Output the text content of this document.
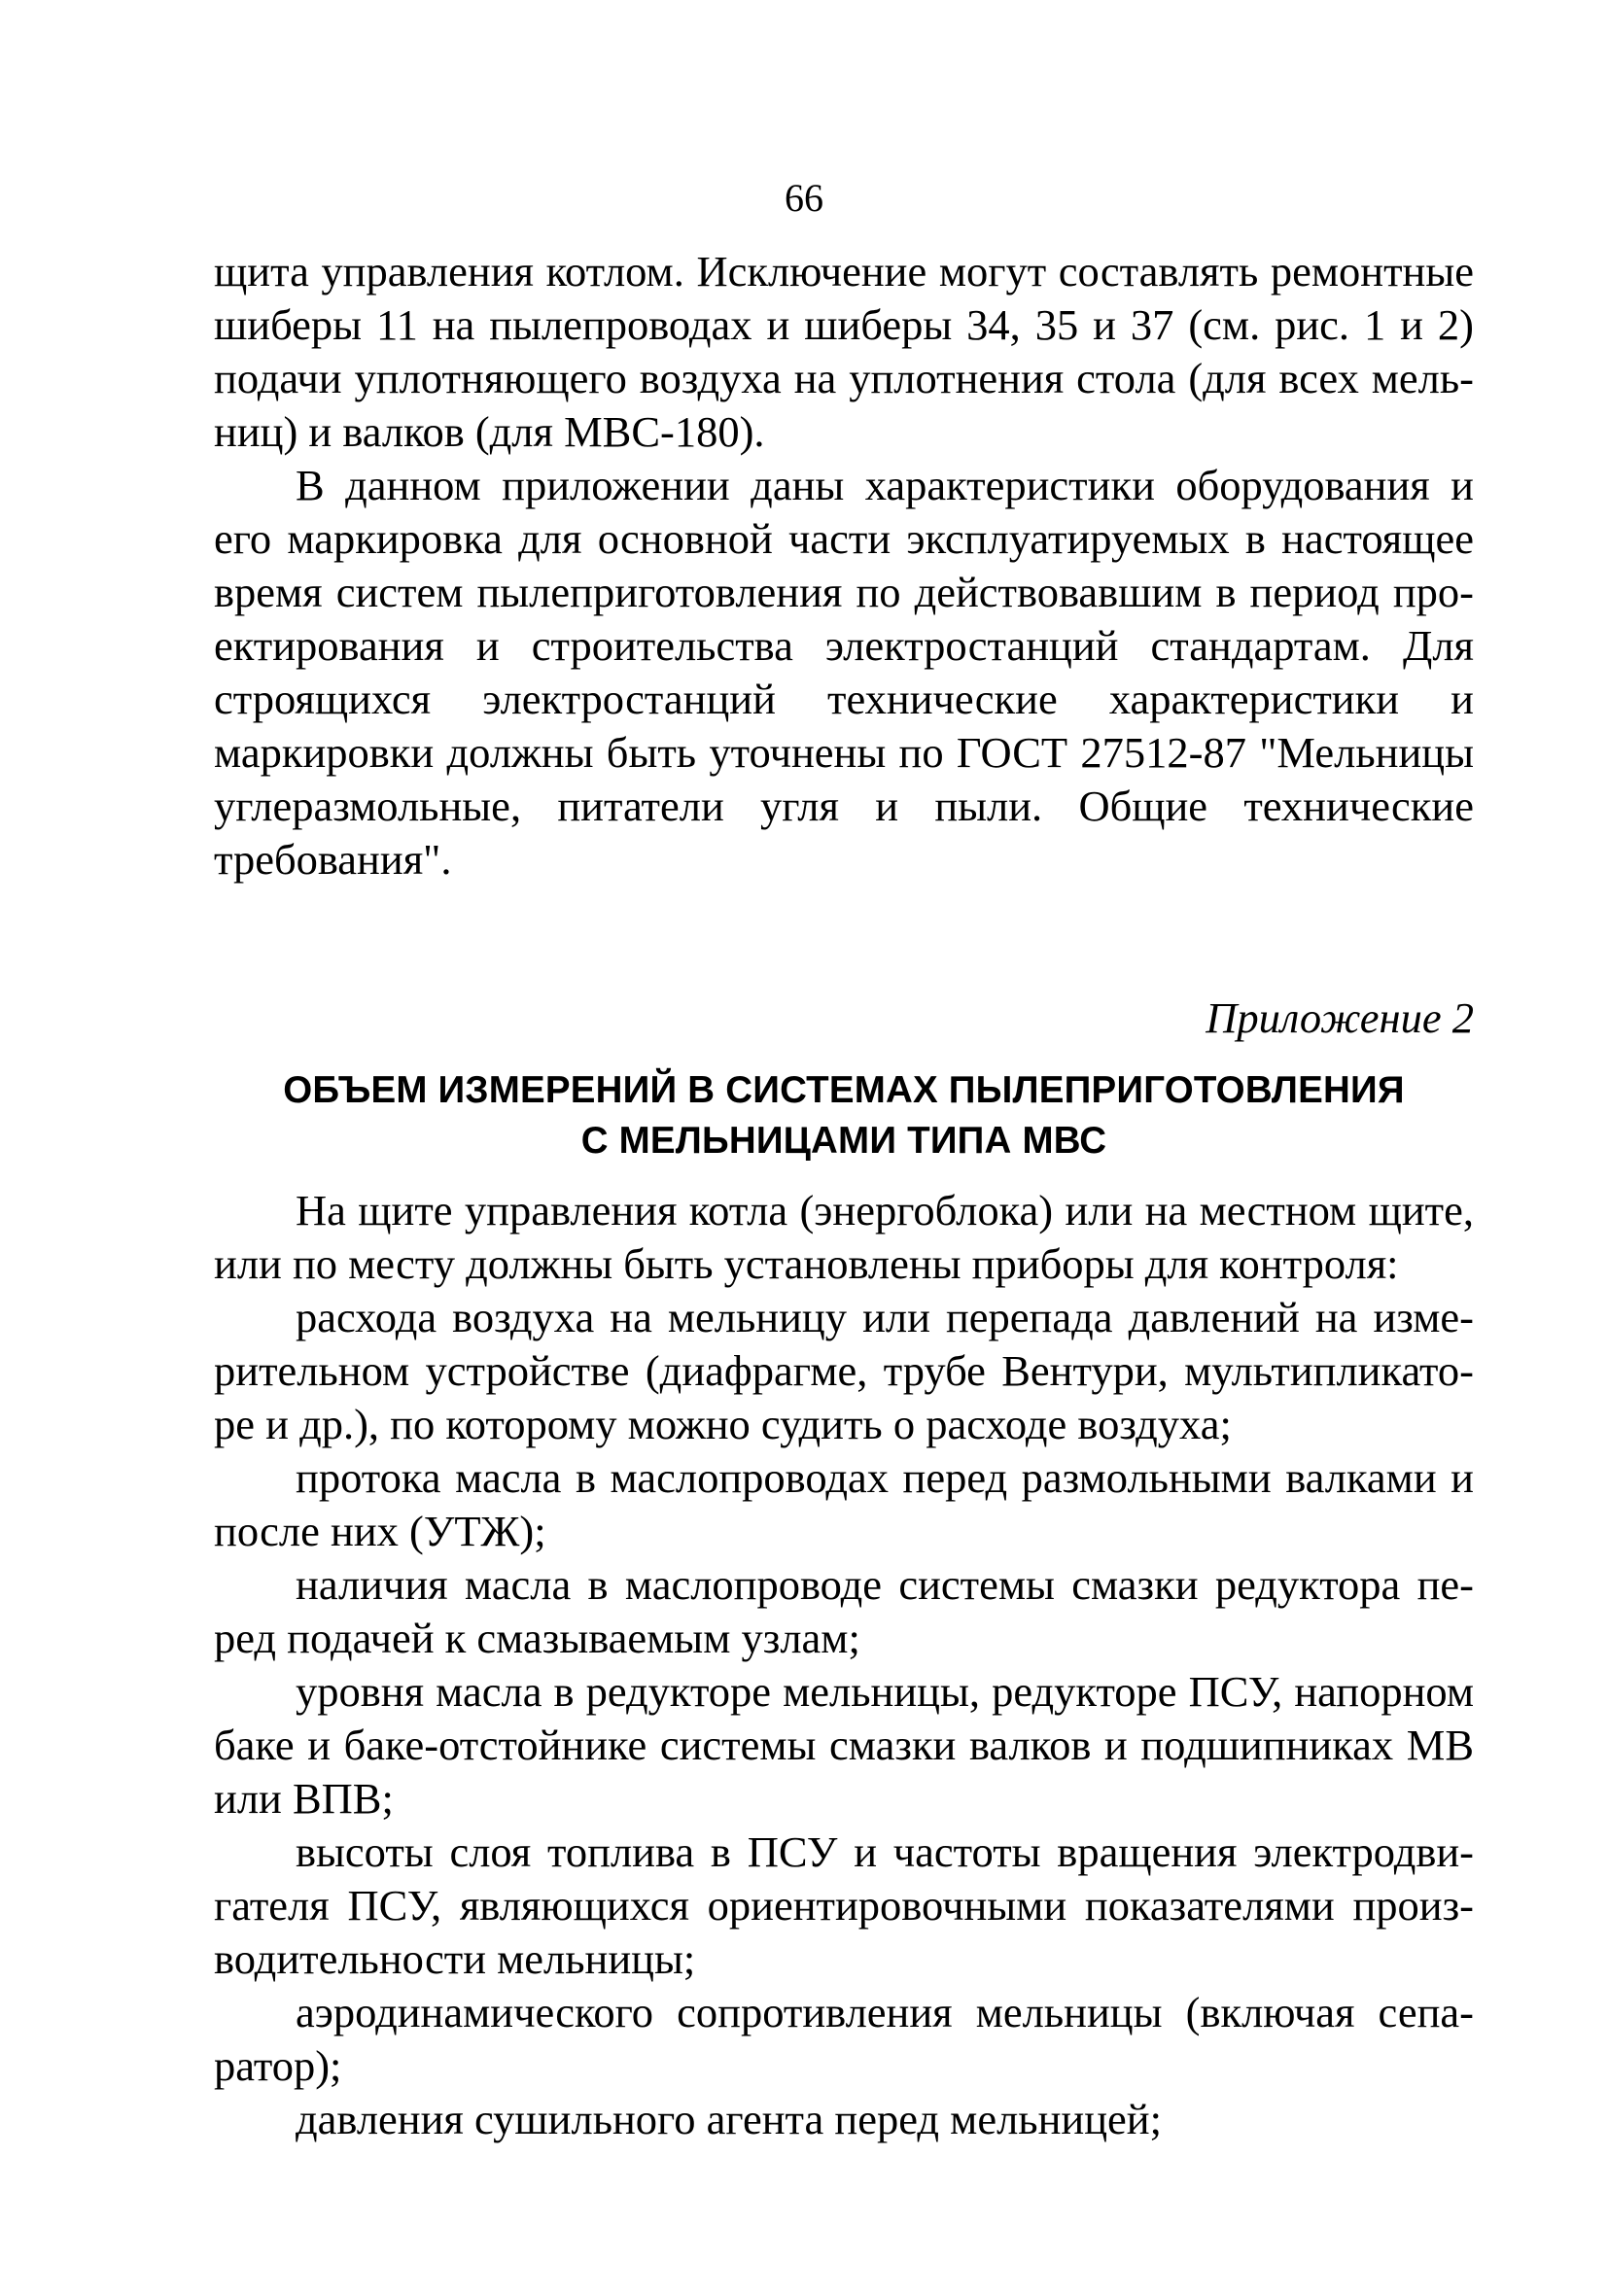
66

щита управления котлом. Исключение могут составлять ремонтные шиберы 11 на пылепроводах и шиберы 34, 35 и 37 (см. рис. 1 и 2) подачи уплотняющего воздуха на уплотнения стола (для всех мельниц) и валков (для МВС-180).

В данном приложении даны характеристики оборудования и его маркировка для основной части эксплуатируемых в настоящее время систем пылеприготовления по действовавшим в период проектирования и строительства электростанций стандартам. Для строящихся электростанций технические характеристики и маркировки должны быть уточнены по ГОСТ 27512-87 "Мельницы углеразмольные, питатели угля и пыли. Общие технические требования".

Приложение 2
ОБЪЕМ ИЗМЕРЕНИЙ В СИСТЕМАХ ПЫЛЕПРИГОТОВЛЕНИЯ
С МЕЛЬНИЦАМИ ТИПА МВС

На щите управления котла (энергоблока) или на местном щите, или по месту должны быть установлены приборы для контроля:

расхода воздуха на мельницу или перепада давлений на измерительном устройстве (диафрагме, трубе Вентури, мультипликаторе и др.), по которому можно судить о расходе воздуха;

протока масла в маслопроводах перед размольными валками и после них (УТЖ);

наличия масла в маслопроводе системы смазки редуктора перед подачей к смазываемым узлам;

уровня масла в редукторе мельницы, редукторе ПСУ, напорном баке и баке-отстойнике системы смазки валков и подшипниках МВ или ВПВ;

высоты слоя топлива в ПСУ и частоты вращения электродвигателя ПСУ, являющихся ориентировочными показателями производительности мельницы;

аэродинамического сопротивления мельницы (включая сепаратор);

давления сушильного агента перед мельницей;
